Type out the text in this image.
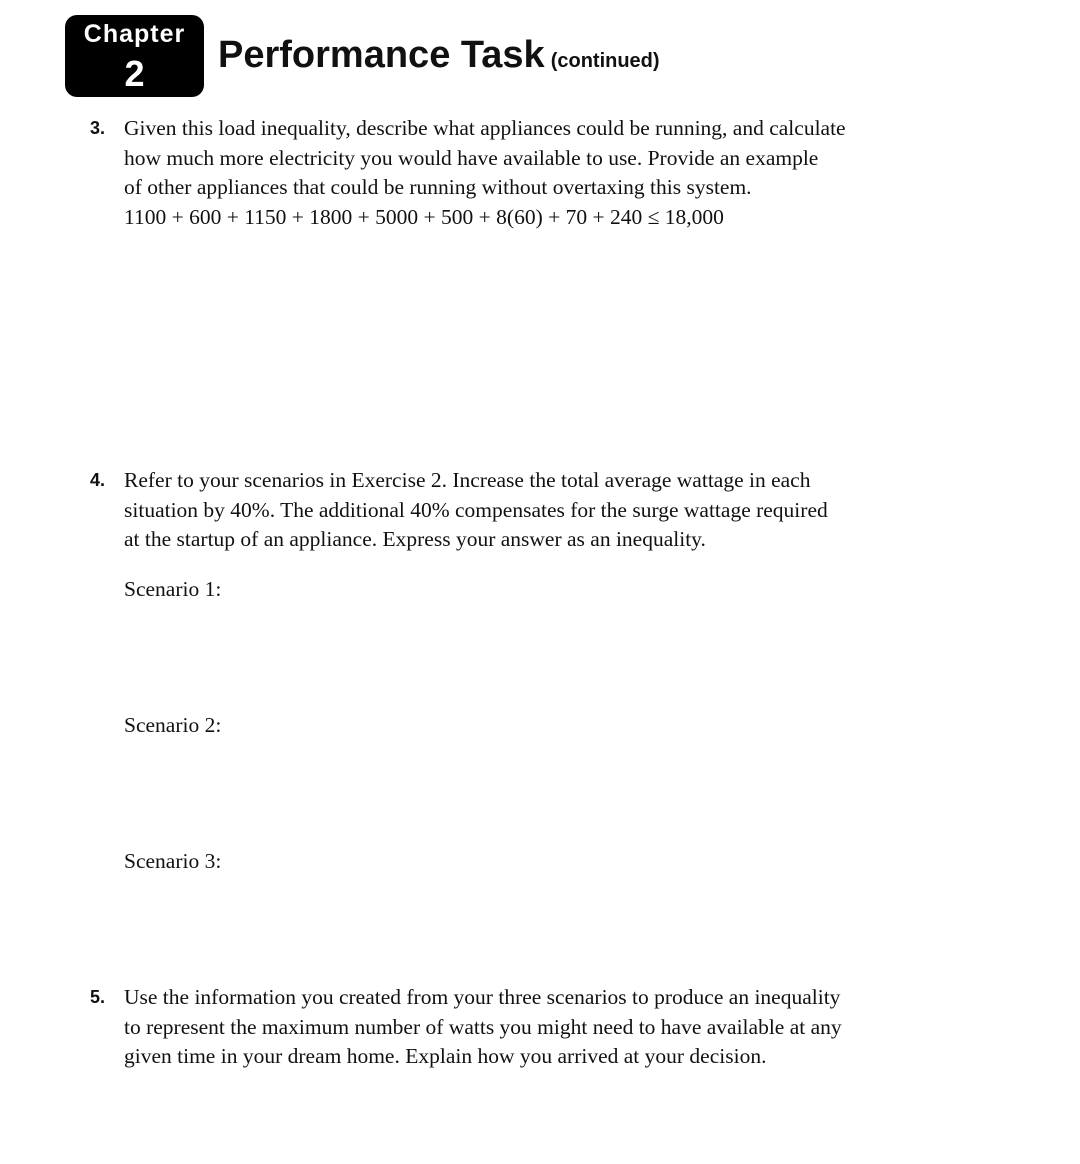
Chapter
2	Performance Task (continued)
3. Given this load inequality, describe what appliances could be running, and calculate
how much more electricity you would have available to use. Provide an example
of other appliances that could be running without overtaxing this system.
1100 + 600 + 1150 + 1800 + 5000 + 500 + 8(60) + 70 + 240 ≤ 18,000
4. Refer to your scenarios in Exercise 2. Increase the total average wattage in each
situation by 40%. The additional 40% compensates for the surge wattage required
at the startup of an appliance. Express your answer as an inequality.
Scenario 1:
Scenario 2:
Scenario 3:
5. Use the information you created from your three scenarios to produce an inequality
to represent the maximum number of watts you might need to have available at any
given time in your dream home. Explain how you arrived at your decision.
